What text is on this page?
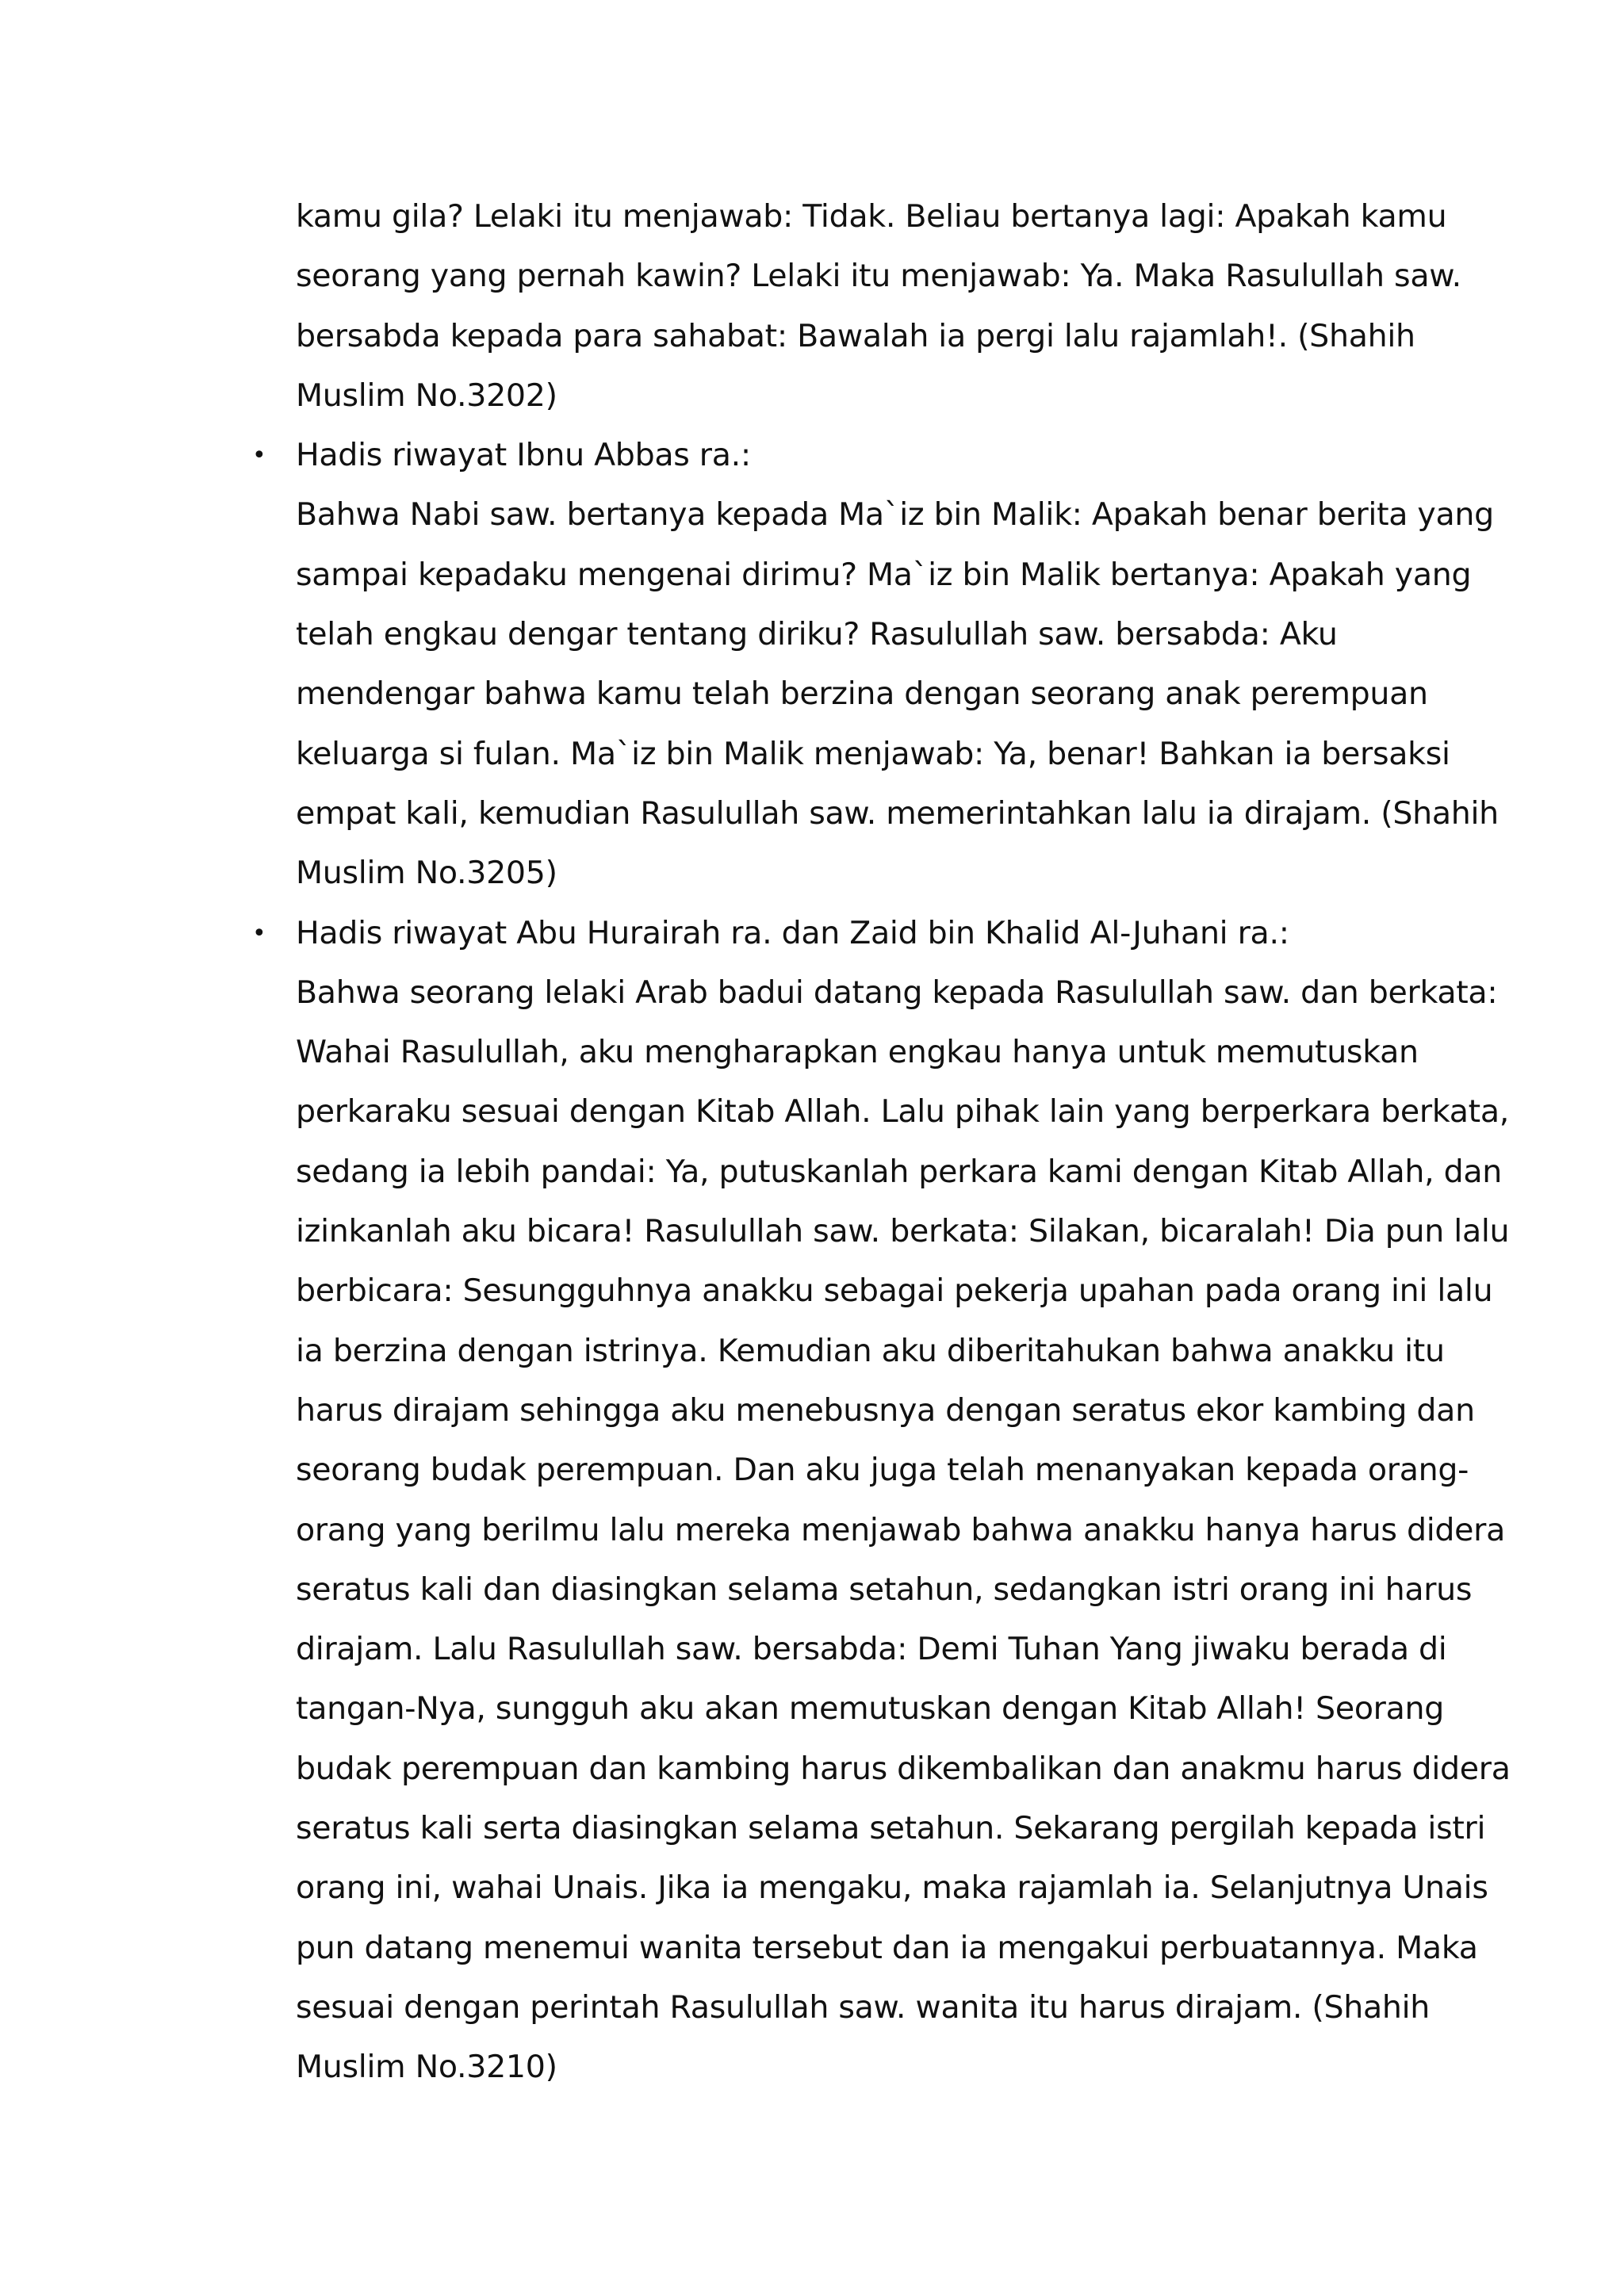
kamu gila? Lelaki itu menjawab: Tidak. Beliau bertanya lagi: Apakah kamu
seorang yang pernah kawin? Lelaki itu menjawab: Ya. Maka Rasulullah saw.
bersabda kepada para sahabat: Bawalah ia pergi lalu rajamlah!. (Shahih
Muslim No.3202)
• Hadis riwayat Ibnu Abbas ra.:
Bahwa Nabi saw. bertanya kepada Ma`iz bin Malik: Apakah benar berita yang
sampai kepadaku mengenai dirimu? Ma`iz bin Malik bertanya: Apakah yang
telah engkau dengar tentang diriku? Rasulullah saw. bersabda: Aku
mendengar bahwa kamu telah berzina dengan seorang anak perempuan
keluarga si fulan. Ma`iz bin Malik menjawab: Ya, benar! Bahkan ia bersaksi
empat kali, kemudian Rasulullah saw. memerintahkan lalu ia dirajam. (Shahih
Muslim No.3205)
• Hadis riwayat Abu Hurairah ra. dan Zaid bin Khalid Al-Juhani ra.:
Bahwa seorang lelaki Arab badui datang kepada Rasulullah saw. dan berkata:
Wahai Rasulullah, aku mengharapkan engkau hanya untuk memutuskan
perkaraku sesuai dengan Kitab Allah. Lalu pihak lain yang berperkara berkata,
sedang ia lebih pandai: Ya, putuskanlah perkara kami dengan Kitab Allah, dan
izinkanlah aku bicara! Rasulullah saw. berkata: Silakan, bicaralah! Dia pun lalu
berbicara: Sesungguhnya anakku sebagai pekerja upahan pada orang ini lalu
ia berzina dengan istrinya. Kemudian aku diberitahukan bahwa anakku itu
harus dirajam sehingga aku menebusnya dengan seratus ekor kambing dan
seorang budak perempuan. Dan aku juga telah menanyakan kepada orang-
orang yang berilmu lalu mereka menjawab bahwa anakku hanya harus didera
seratus kali dan diasingkan selama setahun, sedangkan istri orang ini harus
dirajam. Lalu Rasulullah saw. bersabda: Demi Tuhan Yang jiwaku berada di
tangan-Nya, sungguh aku akan memutuskan dengan Kitab Allah! Seorang
budak perempuan dan kambing harus dikembalikan dan anakmu harus didera
seratus kali serta diasingkan selama setahun. Sekarang pergilah kepada istri
orang ini, wahai Unais. Jika ia mengaku, maka rajamlah ia. Selanjutnya Unais
pun datang menemui wanita tersebut dan ia mengakui perbuatannya. Maka
sesuai dengan perintah Rasulullah saw. wanita itu harus dirajam. (Shahih
Muslim No.3210)
